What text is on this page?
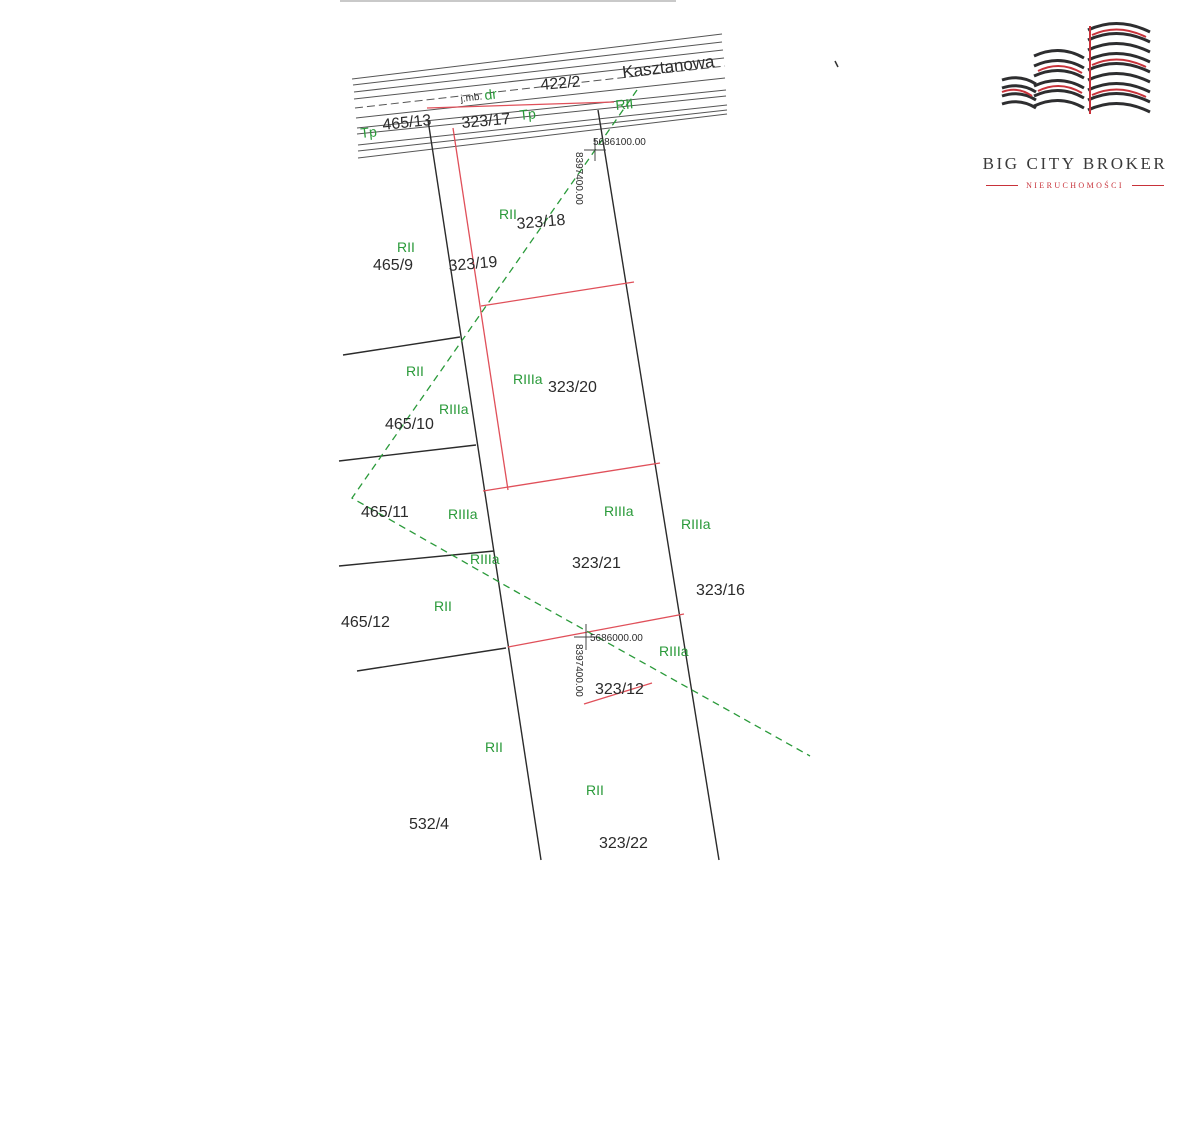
Kasztanowa
422/2
j.mb. dr
465/13 323/17
Tp
Tp
RII
5686100.00
8397400.00
5686000.00
8397400.00
323/18
323/19
465/9
323/20
465/10
465/11
323/21
323/16
465/12
323/12
532/4
323/22
RII
RII
RII	RIIIa
RIIIa
RIIIa
RIIIa
RIIIa
RIIIa
RII
RIIIa
RII
RII
BIG CITY BROKER
NIERUCHOMOŚCI
